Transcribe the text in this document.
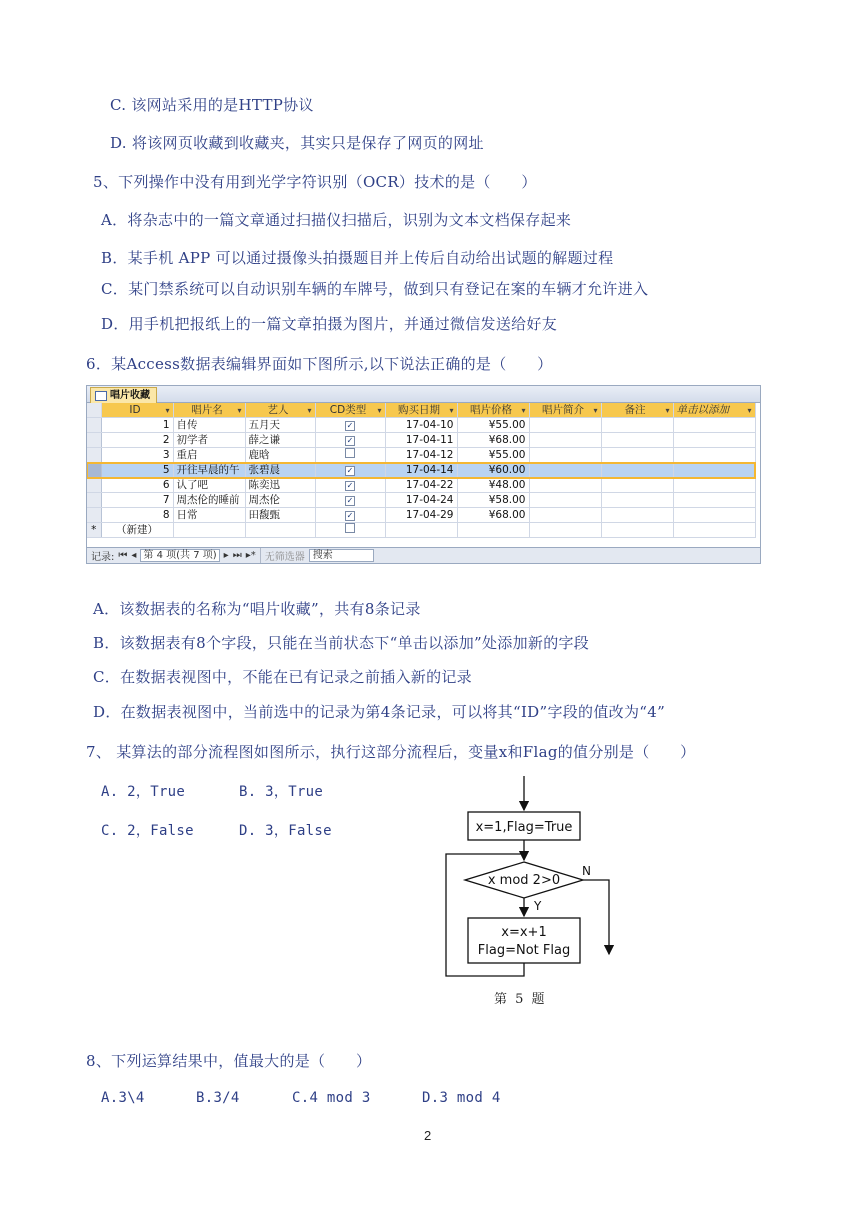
C. 该网站采用的是HTTP协议
D. 将该网页收藏到收藏夹，其实只是保存了网页的网址
5、下列操作中没有用到光学字符识别（OCR）技术的是（　　）
A．将杂志中的一篇文章通过扫描仪扫描后，识别为文本文档保存起来
B．某手机 APP 可以通过摄像头拍摄题目并上传后自动给出试题的解题过程
C．某门禁系统可以自动识别车辆的车牌号，做到只有登记在案的车辆才允许进入
D．用手机把报纸上的一篇文章拍摄为图片，并通过微信发送给好友
6．某Access数据表编辑界面如下图所示,以下说法正确的是（　　）
唱片收藏
	ID ▾	唱片名 ▾	艺人 ▾	CD类型 ▾	购买日期 ▾	唱片价格 ▾	唱片简介 ▾	备注 ▾	单击以添加 ▾

	1	自传	五月天	✓	17-04-10	¥55.00			
	2	初学者	薛之谦	✓	17-04-11	¥68.00			
	3	重启	鹿晗		17-04-12	¥55.00			
	5	开往早晨的午	张碧晨	✓	17-04-14	¥60.00			
	6	认了吧	陈奕迅	✓	17-04-22	¥48.00			
	7	周杰伦的睡前	周杰伦	✓	17-04-24	¥58.00			
	8	日常	田馥甄	✓	17-04-29	¥68.00			
*	（新建）								
记录: ⏮ ◂ 第 4 项(共 7 项) ▸ ⏭ ▸* 无筛选器 搜索
A．该数据表的名称为“唱片收藏”，共有8条记录
B．该数据表有8个字段，只能在当前状态下“单击以添加”处添加新的字段
C．在数据表视图中，不能在已有记录之前插入新的记录
D．在数据表视图中，当前选中的记录为第4条记录，可以将其“ID”字段的值改为“4”
7、 某算法的部分流程图如图所示，执行这部分流程后，变量x和Flag的值分别是（　　）
A. 2，True	B. 3，True
C. 2，False	D. 3，False	x=1,Flag=True
x mod 2>0
N
Y
x=x+1
Flag=Not Flag
第 5 题
8、下列运算结果中，值最大的是（　　）
A.3\4	B.3/4	C.4 mod 3	D.3 mod 4
2
